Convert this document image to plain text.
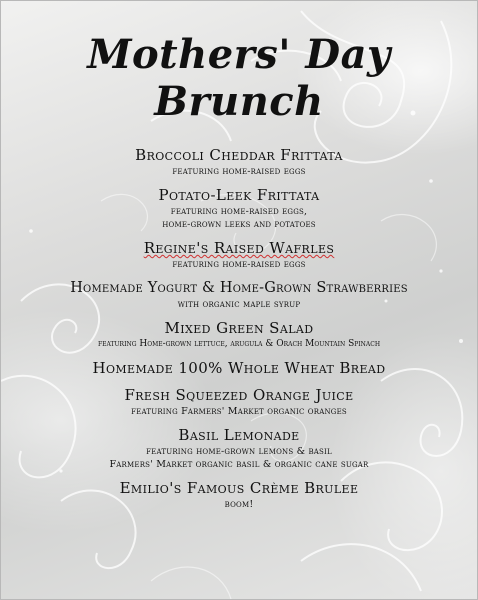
Mothers' Day Brunch
Broccoli Cheddar Frittata
featuring home-raised eggs
Potato-Leek Frittata
featuring home-raised eggs,
home-grown leeks and potatoes
Regine's Raised Wafrles
featuring home-raised eggs
Homemade Yogurt & Home-Grown Strawberries
with organic maple syrup
Mixed Green Salad
featuring Home-grown lettuce, arugula & Orach Mountain Spinach
Homemade 100% Whole Wheat Bread
Fresh Squeezed Orange Juice
featuring Farmers' Market organic oranges
Basil Lemonade
featuring home-grown lemons & basil
Farmers' Market organic basil & organic cane sugar
Emilio's Famous Crème Brulee
boom!
